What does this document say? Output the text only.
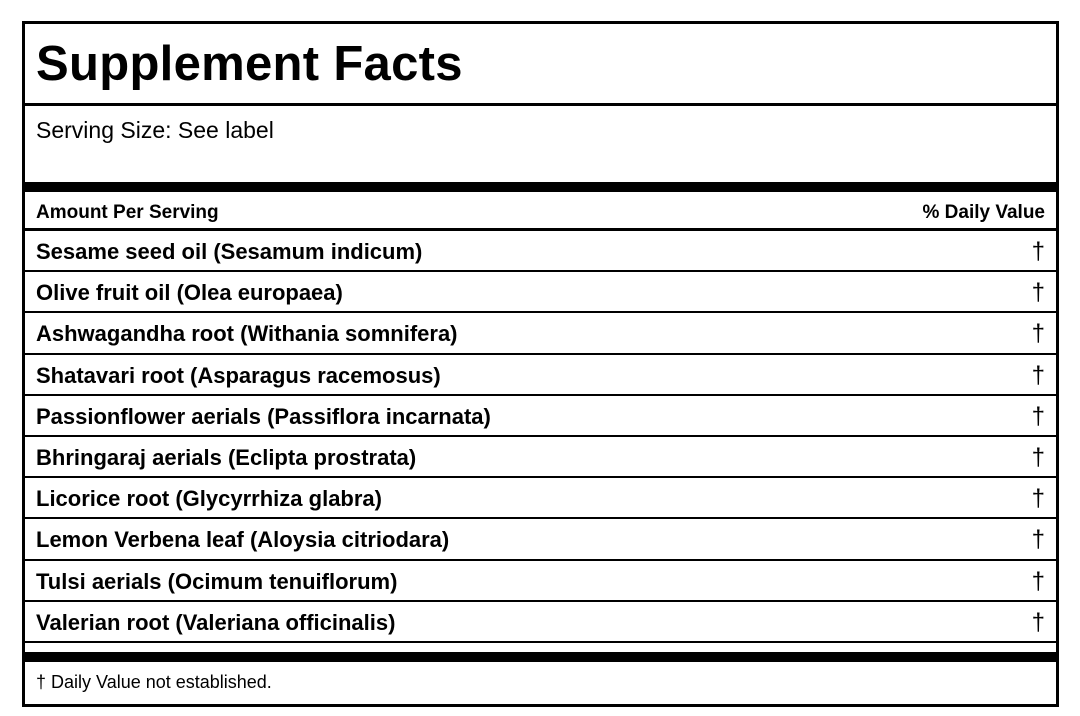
Supplement Facts
Serving Size: See label
Amount Per Serving	% Daily Value
Sesame seed oil (Sesamum indicum)	†
Olive fruit oil (Olea europaea)	†
Ashwagandha root (Withania somnifera)	†
Shatavari root (Asparagus racemosus)	†
Passionflower aerials (Passiflora incarnata)	†
Bhringaraj aerials (Eclipta prostrata)	†
Licorice root (Glycyrrhiza glabra)	†
Lemon Verbena leaf (Aloysia citriodara)	†
Tulsi aerials (Ocimum tenuiflorum)	†
Valerian root (Valeriana officinalis)	†
† Daily Value not established.
